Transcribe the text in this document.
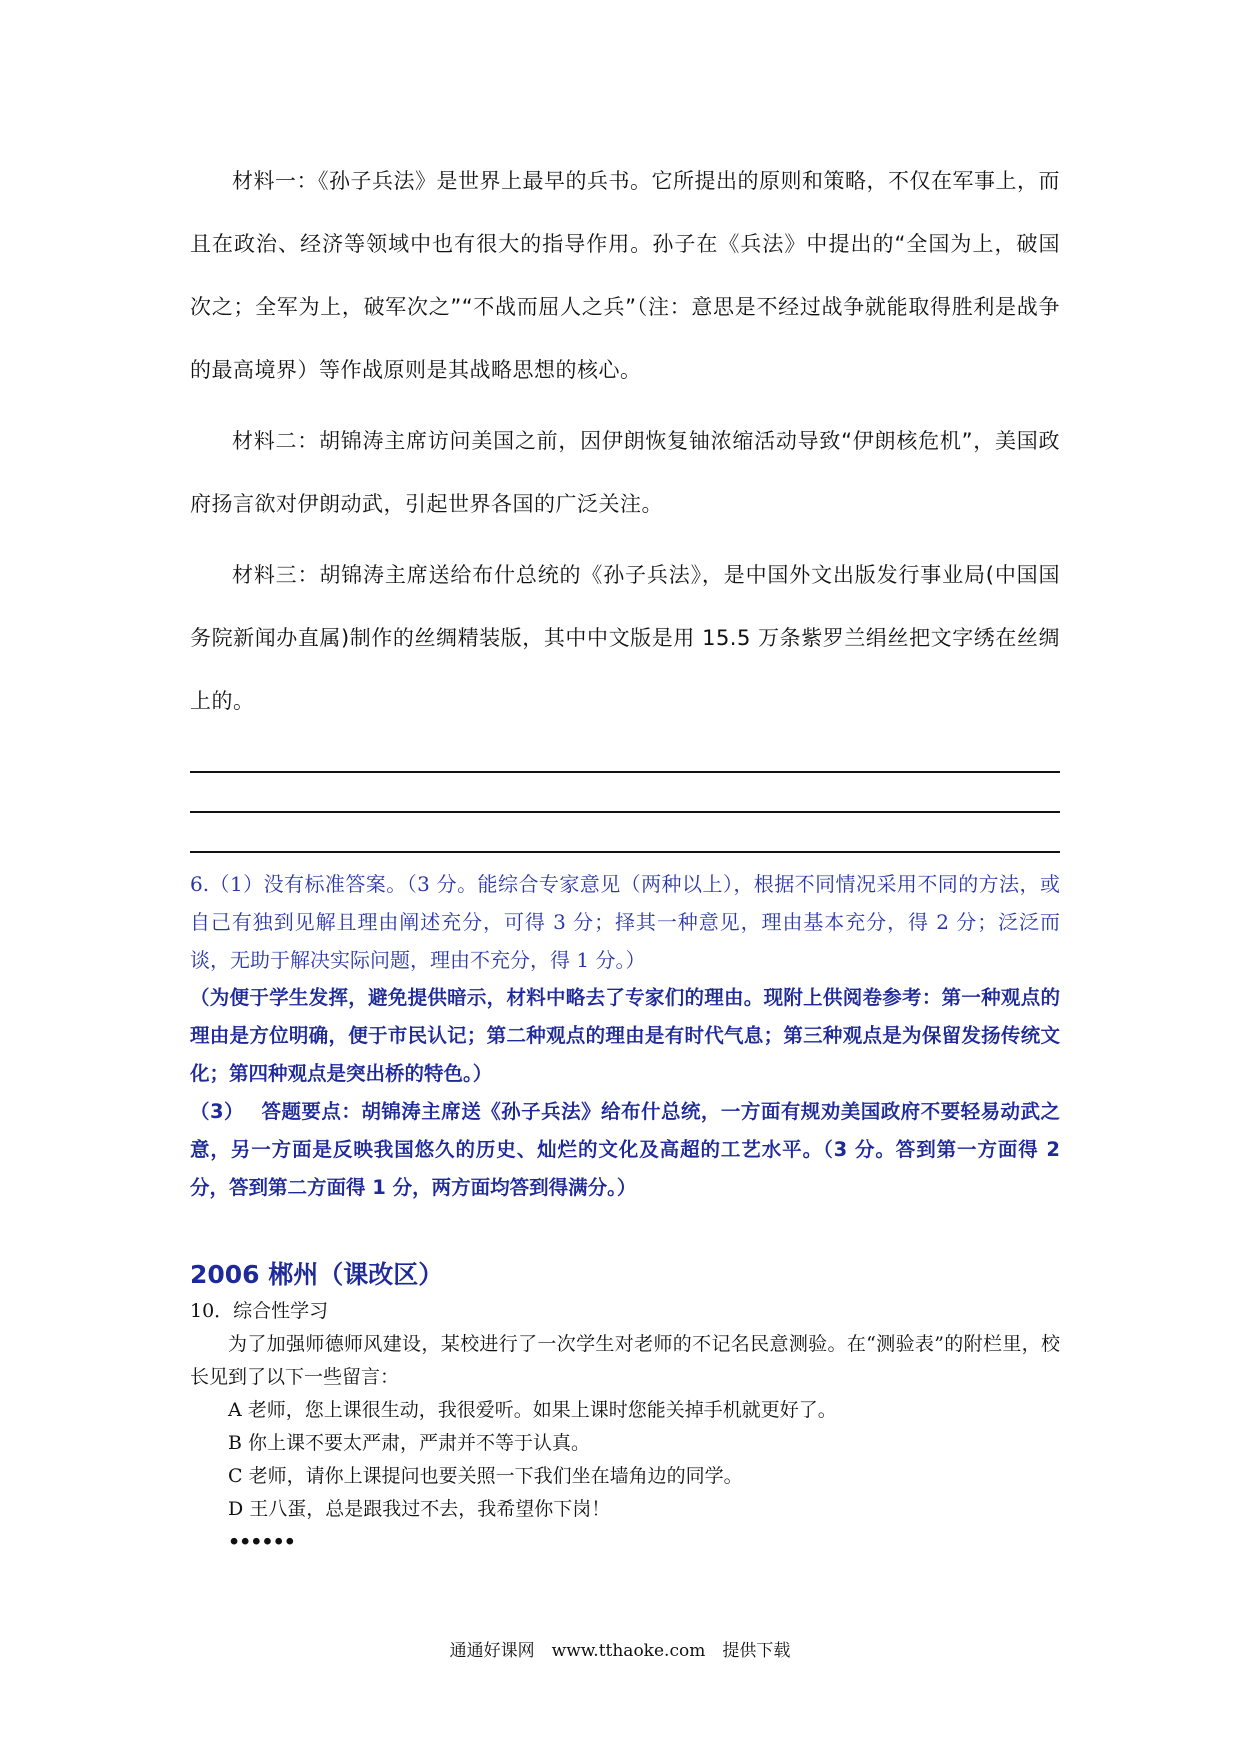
材料一：《孙子兵法》是世界上最早的兵书。它所提出的原则和策略，不仅在军事上，而且在政治、经济等领域中也有很大的指导作用。孙子在《兵法》中提出的“全国为上，破国次之；全军为上，破军次之”“不战而屈人之兵”（注：意思是不经过战争就能取得胜利是战争的最高境界）等作战原则是其战略思想的核心。

材料二：胡锦涛主席访问美国之前，因伊朗恢复铀浓缩活动导致“伊朗核危机”，美国政府扬言欲对伊朗动武，引起世界各国的广泛关注。

材料三：胡锦涛主席送给布什总统的《孙子兵法》，是中国外文出版发行事业局(中国国务院新闻办直属)制作的丝绸精装版，其中中文版是用 15.5 万条紫罗兰绢丝把文字绣在丝绸上的。

6.（1）没有标准答案。（3 分。能综合专家意见（两种以上），根据不同情况采用不同的方法，或自己有独到见解且理由阐述充分，可得 3 分；择其一种意见，理由基本充分，得 2 分；泛泛而谈，无助于解决实际问题，理由不充分，得 1 分。）

（为便于学生发挥，避免提供暗示，材料中略去了专家们的理由。现附上供阅卷参考：第一种观点的理由是方位明确，便于市民认记；第二种观点的理由是有时代气息；第三种观点是为保留发扬传统文化；第四种观点是突出桥的特色。）

（3）　 答题要点：胡锦涛主席送《孙子兵法》给布什总统，一方面有规劝美国政府不要轻易动武之意，另一方面是反映我国悠久的历史、灿烂的文化及高超的工艺水平。（3 分。答到第一方面得 2 分，答到第二方面得 1 分，两方面均答到得满分。）

2006 郴州（课改区）

10．综合性学习

为了加强师德师风建设，某校进行了一次学生对老师的不记名民意测验。在“测验表”的附栏里，校长见到了以下一些留言：

A 老师，您上课很生动，我很爱听。如果上课时您能关掉手机就更好了。

B 你上课不要太严肃，严肃并不等于认真。

C 老师，请你上课提问也要关照一下我们坐在墙角边的同学。

D 王八蛋，总是跟我过不去，我希望你下岗！

••••••

通通好课网　www.tthaoke.com　提供下载
